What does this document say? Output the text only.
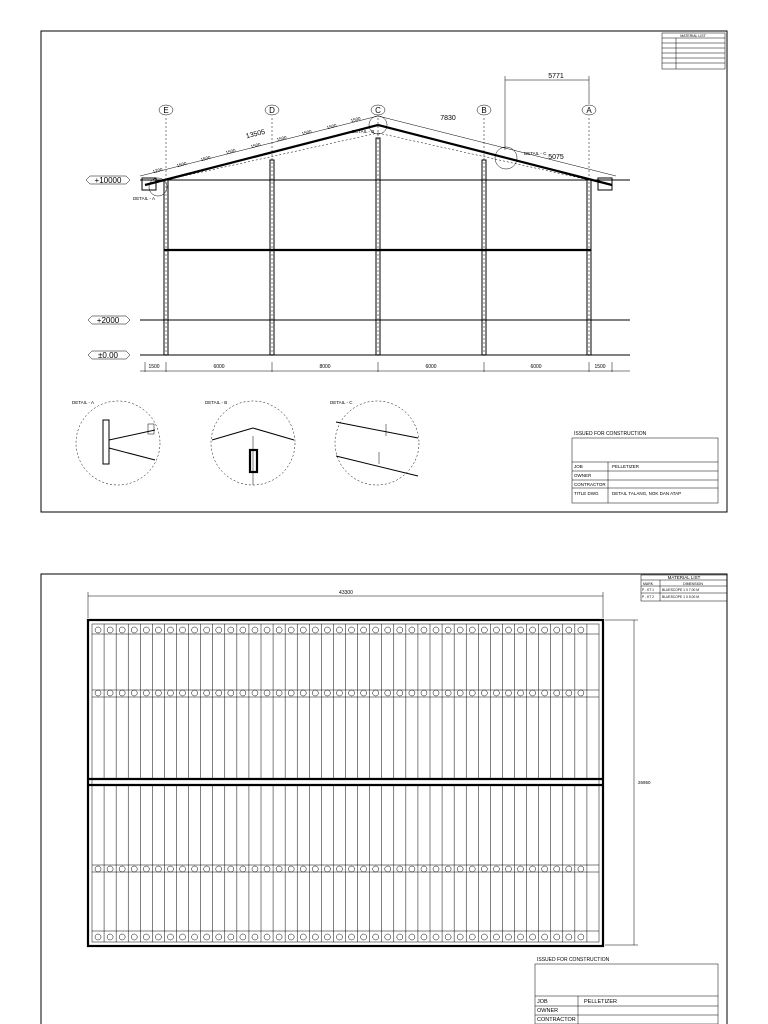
MATERIAL LIST
E	D	C	B	A
+10000
+2000
±0.00
1500	6000	8000	6000	6000	1500
5771
7830
5075
13505
1200
1500
1500
1500
1500
1500
1500
1500
1500
DETAIL - C
DETAIL - B
DETAIL - A
DETAIL - A	DETAIL - B	DETAIL - C
ISSUED FOR CONSTRUCTION
JOB	PELLETIZER
OWNER
CONTRACTOR
TITLE DWG	DETAIL TALANG, NOK DAN ATAP
MATERIAL LIST
MARK	DIMENSION
P - KT 1 BLUESCOPE 1 X 7.00 M
P - KT 2 BLUESCOPE 1 X 5.00 M
43300
26950
ISSUED FOR CONSTRUCTION
JOB	PELLETIZER
OWNER
CONTRACTOR
